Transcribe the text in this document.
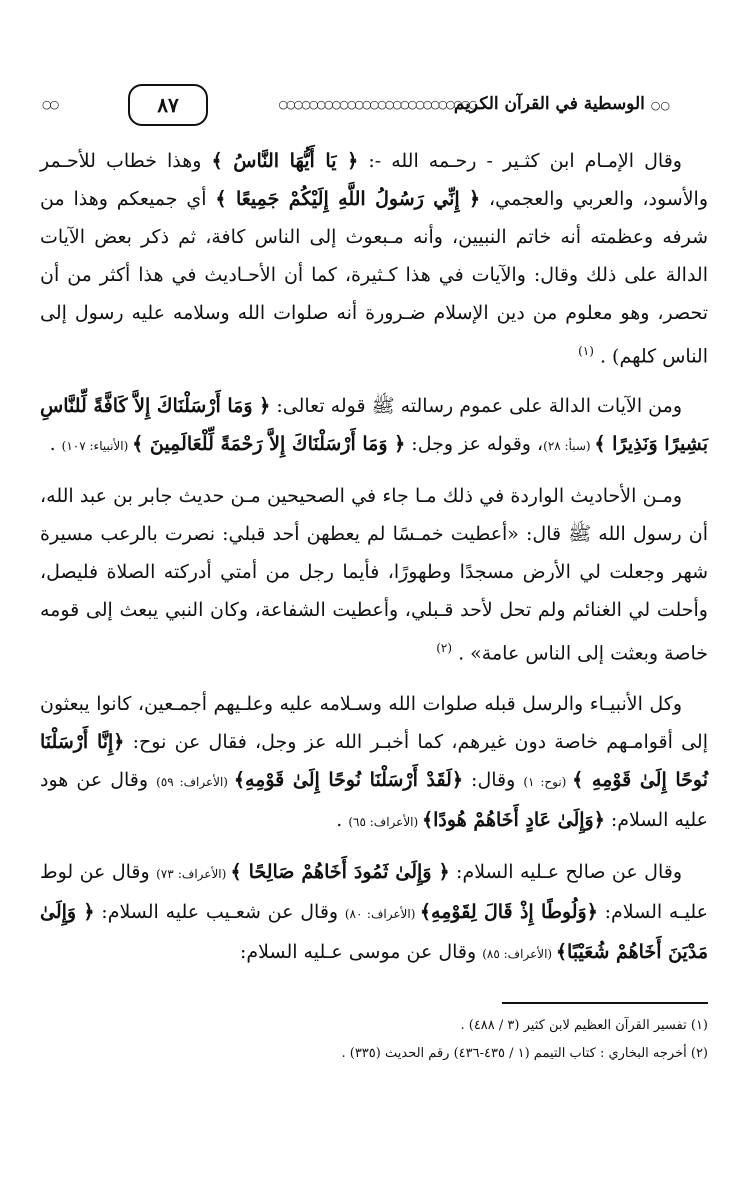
○○ الوسطية في القرآن الكريم
○○○○○○○○○○○○○○○○○○○○○○○○○○
٨٧
○○

وقال الإمـام ابن كثـير - رحـمه الله -: ﴿ يَا أَيُّهَا النَّاسُ ﴾ وهذا خطاب للأحـمر والأسود، والعربي والعجمي، ﴿ إِنِّي رَسُولُ اللَّهِ إِلَيْكُمْ جَمِيعًا ﴾ أي جميعكم وهذا من شرفه وعظمته أنه خاتم النبيين، وأنه مـبعوث إلى الناس كافة، ثم ذكر بعض الآيات الدالة على ذلك وقال: والآيات في هذا كـثيرة، كما أن الأحـاديث في هذا أكثر من أن تحصر، وهو معلوم من دين الإسلام ضـرورة أنه صلوات الله وسلامه عليه رسول إلى الناس كلهم) . $^{(١)}$

ومن الآيات الدالة على عموم رسالته ﷺ قوله تعالى: ﴿ وَمَا أَرْسَلْنَاكَ إِلاَّ كَافَّةً لِّلنَّاسِ بَشِيرًا وَنَذِيرًا ﴾ (سبأ: ٢٨)، وقوله عز وجل: ﴿ وَمَا أَرْسَلْنَاكَ إِلاَّ رَحْمَةً لِّلْعَالَمِينَ ﴾ (الأنبياء: ١٠٧) .

ومـن الأحاديث الواردة في ذلك مـا جاء في الصحيحين مـن حديث جابر بن عبد الله، أن رسول الله ﷺ قال: «أعطيت خمـسًا لم يعطهن أحد قبلي: نصرت بالرعب مسيرة شهر وجعلت لي الأرض مسجدًا وطهورًا، فأيما رجل من أمتي أدركته الصلاة فليصل، وأحلت لي الغنائم ولم تحل لأحد قـبلي، وأعطيت الشفاعة، وكان النبي يبعث إلى قومه خاصة وبعثت إلى الناس عامة» . $^{(٢)}$

وكل الأنبيـاء والرسل قبله صلوات الله وسـلامه عليه وعلـيهم أجمـعين، كانوا يبعثون إلى أقوامـهم خاصة دون غيرهم، كما أخبـر الله عز وجل، فقال عن نوح: ﴿إِنَّا أَرْسَلْنَا نُوحًا إِلَىٰ قَوْمِهِ ﴾ (نوح: ١) وقال: ﴿لَقَدْ أَرْسَلْنَا نُوحًا إِلَىٰ قَوْمِهِ﴾ (الأعراف: ٥٩) وقال عن هود عليه السلام: ﴿وَإِلَىٰ عَادٍ أَخَاهُمْ هُودًا﴾ (الأعراف: ٦٥) .

وقال عن صالح عـليه السلام: ﴿ وَإِلَىٰ ثَمُودَ أَخَاهُمْ صَالِحًا ﴾ (الأعراف: ٧٣) وقال عن لوط عليـه السلام: ﴿وَلُوطًا إِذْ قَالَ لِقَوْمِهِ﴾ (الأعراف: ٨٠) وقال عن شعـيب عليه السلام: ﴿ وَإِلَىٰ مَدْيَنَ أَخَاهُمْ شُعَيْبًا﴾ (الأعراف: ٨٥) وقال عن موسى عـليه السلام:

(١) تفسير القرآن العظيم لابن كثير (٣ / ٤٨٨) .
(٢) أخرجه البخاري : كتاب التيمم (١ / ٤٣٥-٤٣٦) رقم الحديث (٣٣٥) .
